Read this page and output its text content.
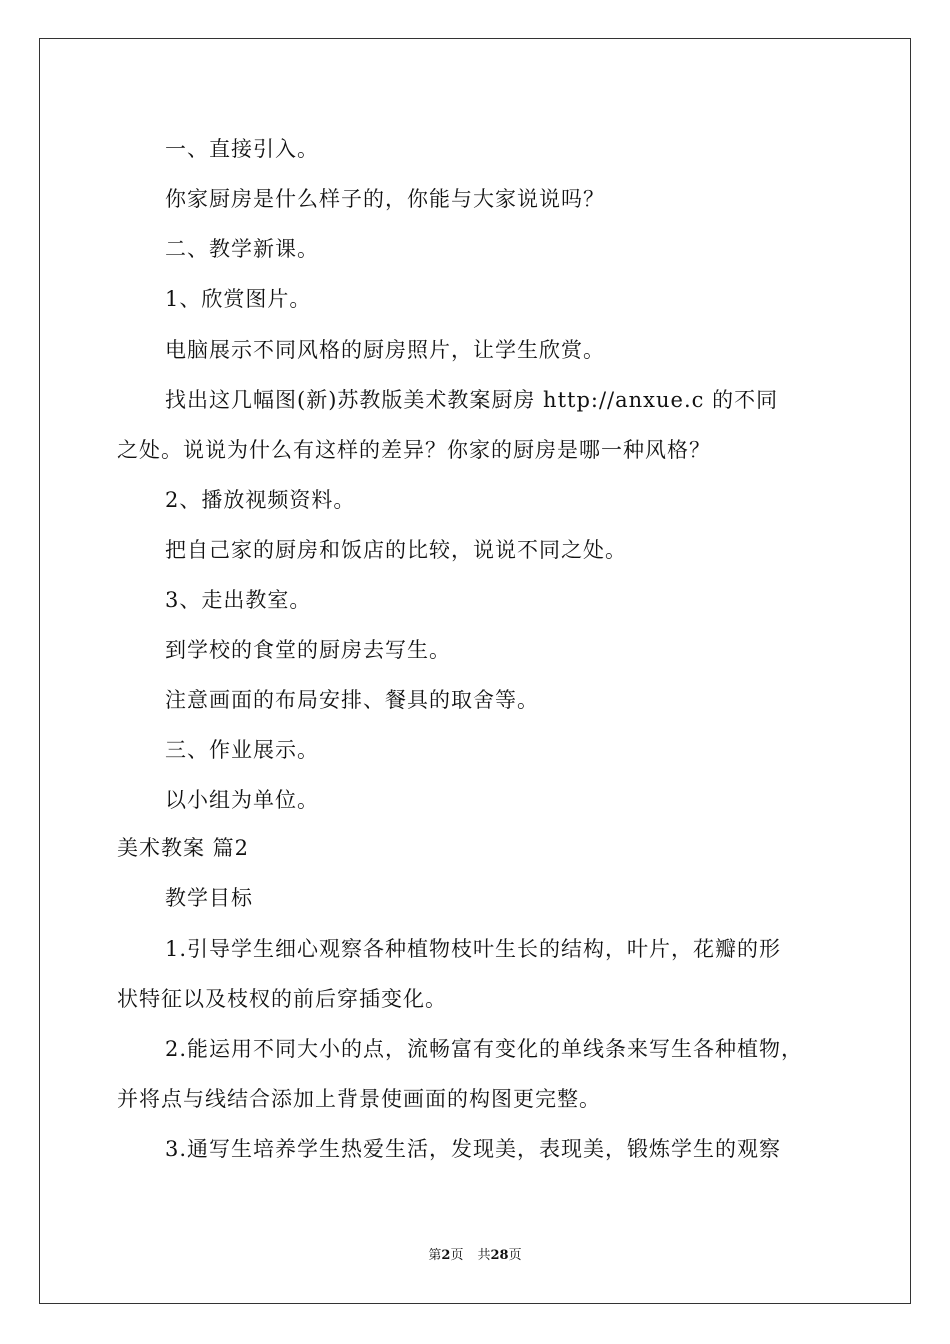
一、直接引入。
你家厨房是什么样子的，你能与大家说说吗？
二、教学新课。
1、欣赏图片。
电脑展示不同风格的厨房照片，让学生欣赏。
找出这几幅图(新)苏教版美术教案厨房 http://anxue.c 的不同
之处。说说为什么有这样的差异？你家的厨房是哪一种风格？
2、播放视频资料。
把自己家的厨房和饭店的比较，说说不同之处。
3、走出教室。
到学校的食堂的厨房去写生。
注意画面的布局安排、餐具的取舍等。
三、作业展示。
以小组为单位。
美术教案 篇2
教学目标
1.引导学生细心观察各种植物枝叶生长的结构，叶片，花瓣的形
状特征以及枝杈的前后穿插变化。
2.能运用不同大小的点，流畅富有变化的单线条来写生各种植物，
并将点与线结合添加上背景使画面的构图更完整。
3.通写生培养学生热爱生活，发现美，表现美，锻炼学生的观察
第2页 共28页
